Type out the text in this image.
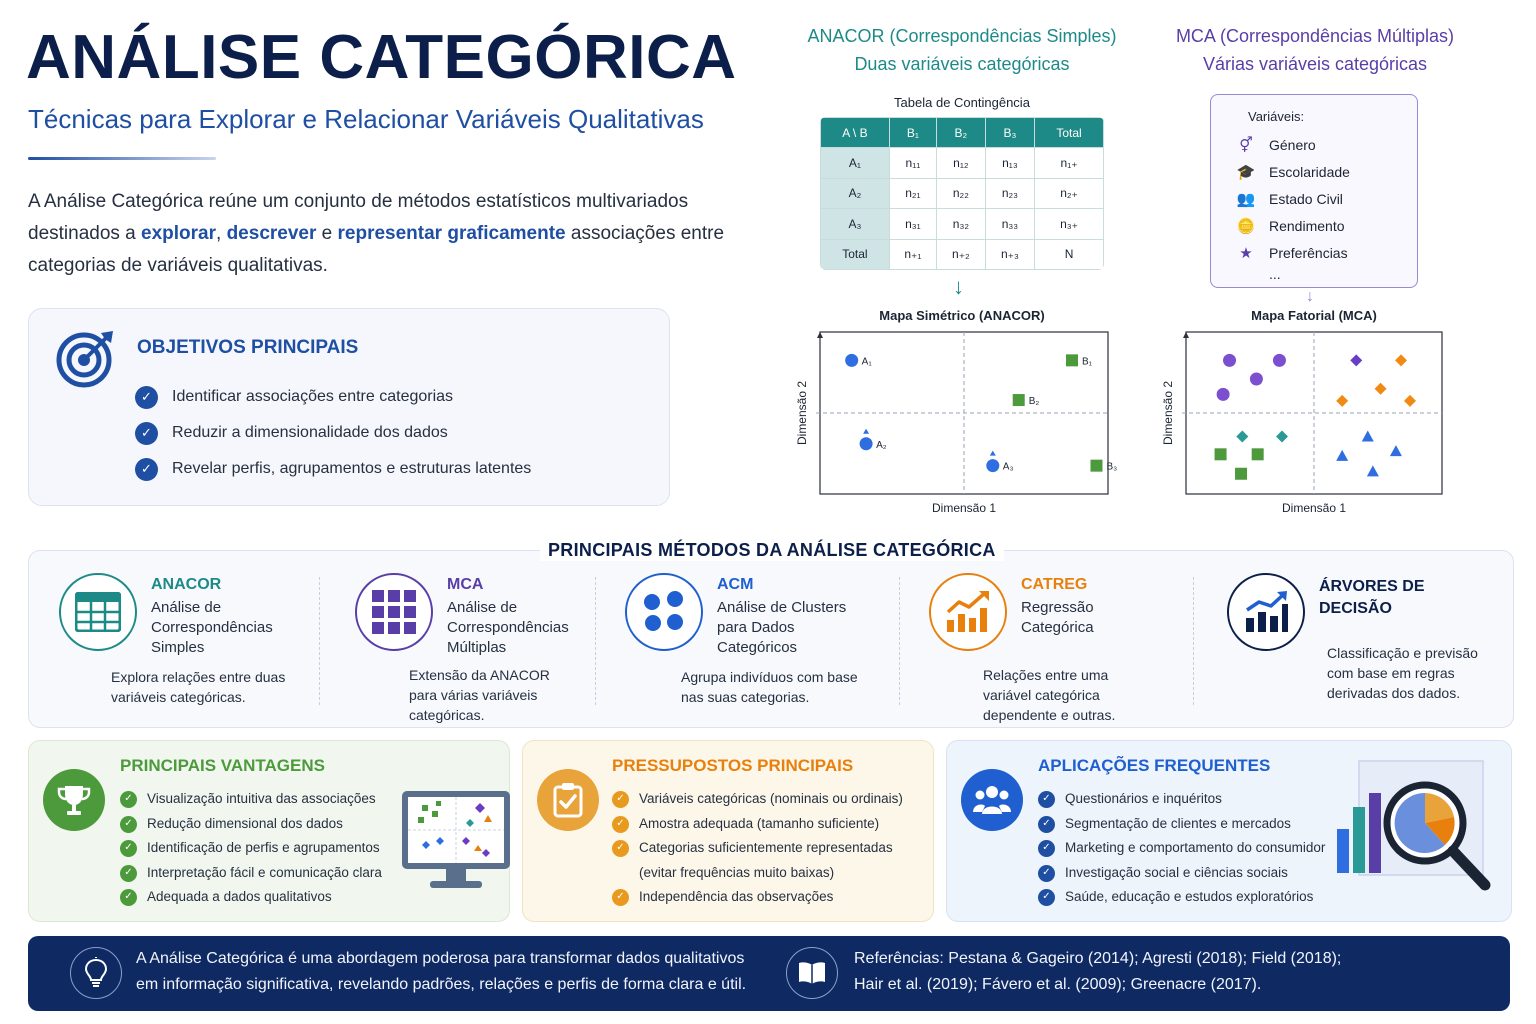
ANÁLISE CATEGÓRICA
Técnicas para Explorar e Relacionar Variáveis Qualitativas
A Análise Categórica reúne um conjunto de métodos estatísticos multivariados destinados a explorar, descrever e representar graficamente associações entre categorias de variáveis qualitativas.
OBJETIVOS PRINCIPAIS
✓	Identificar associações entre categorias
✓	Reduzir a dimensionalidade dos dados
✓	Revelar perfis, agrupamentos e estruturas latentes
ANACOR (Correspondências Simples)
Duas variáveis categóricas
Tabela de Contingência
A \ B	B₁	B₂	B₃	Total
A₁	n₁₁	n₁₂	n₁₃	n₁₊
A₂	n₂₁	n₂₂	n₂₃	n₂₊
A₃	n₃₁	n₃₂	n₃₃	n₃₊
Total	n₊₁	n₊₂	n₊₃	N
↓
Mapa Simétrico (ANACOR)
Dimensão 1
Dimensão 2
A₁
A₂
A₃
B₁
B₂
B₃
MCA (Correspondências Múltiplas)
Várias variáveis categóricas
Variáveis:
⚥	Género
🎓 Escolaridade
👥 Estado Civil
🪙 Rendimento
★	Preferências
...
↓
Mapa Fatorial (MCA)
Dimensão 1
Dimensão 2
ANACOR
Análise de Correspondências Simples
Explora relações entre duas variáveis categóricas.
MCA
Análise de Correspondências Múltiplas
Extensão da ANACOR para várias variáveis categóricas.
ACM
Análise de Clusters para Dados Categóricos
Agrupa indivíduos com base nas suas categorias.
CATREG
Regressão Categórica
Relações entre uma variável categórica dependente e outras.
ÁRVORES DE DECISÃO
Classificação e previsão com base em regras derivadas dos dados.
PRINCIPAIS MÉTODOS DA ANÁLISE CATEGÓRICA
PRINCIPAIS VANTAGENS
✓	Visualização intuitiva das associações
✓	Redução dimensional dos dados
✓	Identificação de perfis e agrupamentos
✓	Interpretação fácil e comunicação clara
✓	Adequada a dados qualitativos
PRESSUPOSTOS PRINCIPAIS
✓	Variáveis categóricas (nominais ou ordinais)
✓	Amostra adequada (tamanho suficiente)
✓	Categorias suficientemente representadas
(evitar frequências muito baixas)
✓	Independência das observações
APLICAÇÕES FREQUENTES
✓	Questionários e inquéritos
✓	Segmentação de clientes e mercados
✓	Marketing e comportamento do consumidor
✓	Investigação social e ciências sociais
✓	Saúde, educação e estudos exploratórios
A Análise Categórica é uma abordagem poderosa para transformar dados qualitativos
em informação significativa, revelando padrões, relações e perfis de forma clara e útil.
Referências: Pestana & Gageiro (2014); Agresti (2018); Field (2018);
Hair et al. (2019); Fávero et al. (2009); Greenacre (2017).
